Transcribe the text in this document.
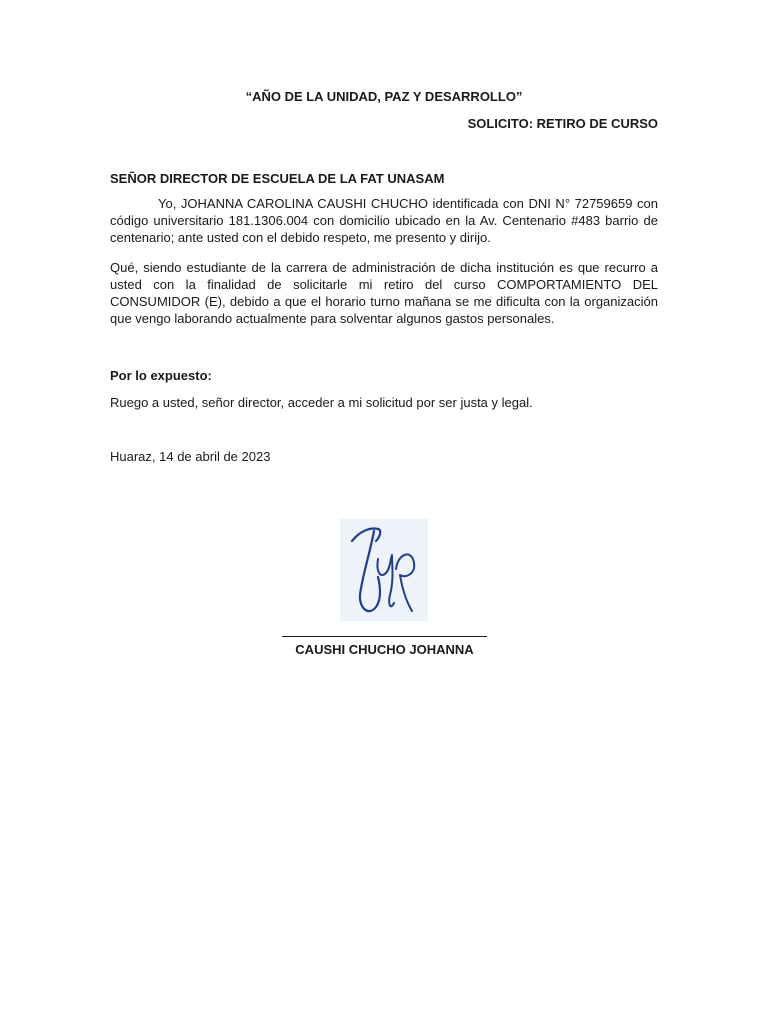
“AÑO DE LA UNIDAD, PAZ Y DESARROLLO”
SOLICITO: RETIRO DE CURSO
SEÑOR DIRECTOR DE ESCUELA DE LA FAT UNASAM

Yo, JOHANNA CAROLINA CAUSHI CHUCHO identificada con DNI N° 72759659 con código universitario 181.1306.004 con domicilio ubicado en la Av. Centenario #483 barrio de centenario; ante usted con el debido respeto, me presento y dirijo.

Qué, siendo estudiante de la carrera de administración de dicha institución es que recurro a usted con la finalidad de solicitarle mi retiro del curso COMPORTAMIENTO DEL CONSUMIDOR (E), debido a que el horario turno mañana se me dificulta con la organización que vengo laborando actualmente para solventar algunos gastos personales.

Por lo expuesto:
Ruego a usted, señor director, acceder a mi solicitud por ser justa y legal.
Huaraz, 14 de abril de 2023
CAUSHI CHUCHO JOHANNA
